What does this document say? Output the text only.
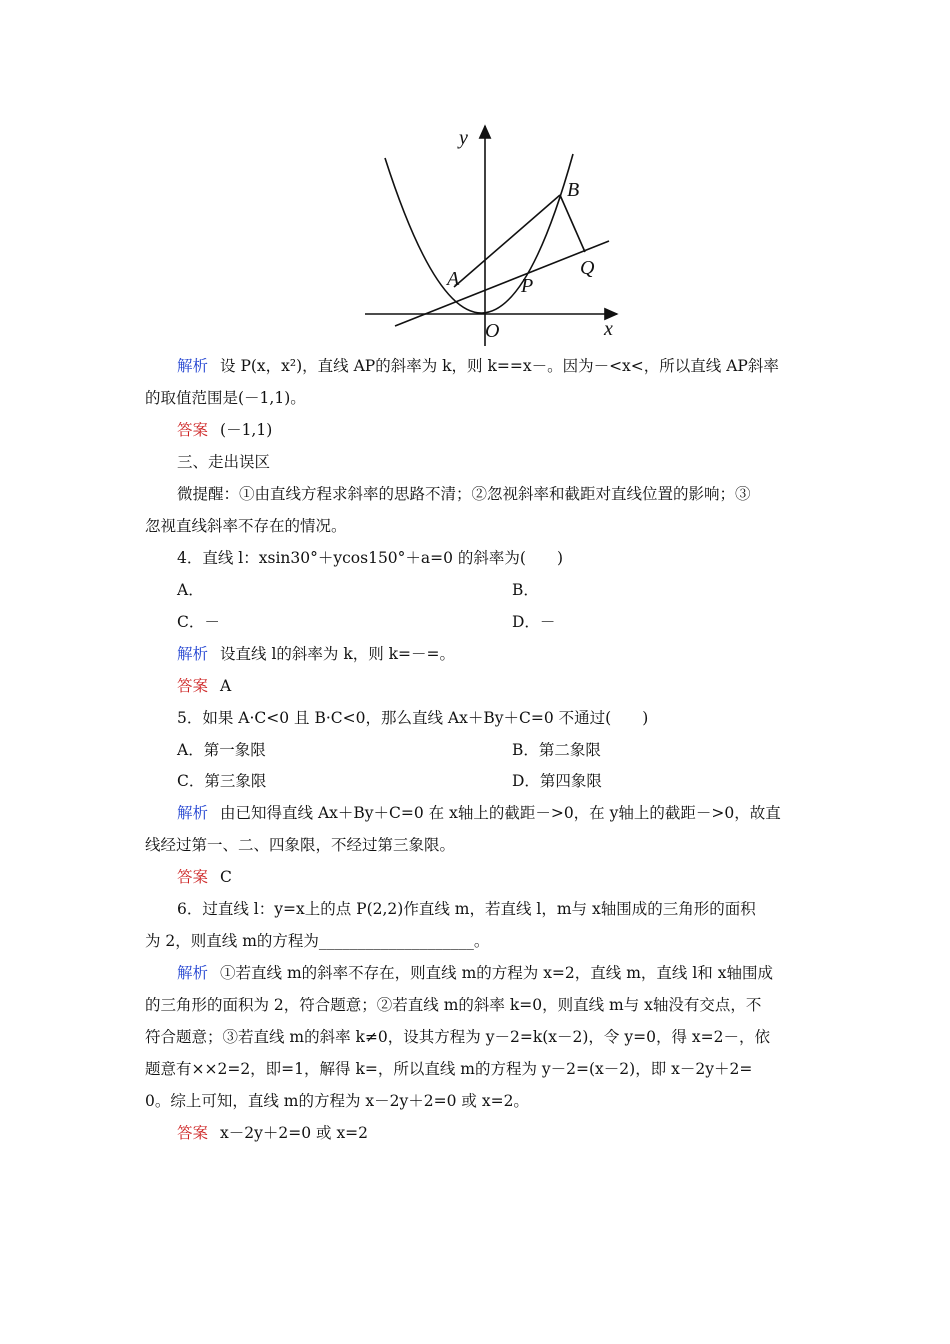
y
x
O
A
B
P
Q
解析 设 P(x，x²)，直线 AP的斜率为 k，则 k==x－。因为－<x<，所以直线 AP斜率
的取值范围是(－1,1)。
答案 (－1,1)
三、走出误区
微提醒：①由直线方程求斜率的思路不清；②忽视斜率和截距对直线位置的影响；③
忽视直线斜率不存在的情况。
4．直线 l：xsin30°＋ycos150°＋a=0 的斜率为(　　)
A．	B．
C．－	D．－
解析 设直线 l的斜率为 k，则 k=－=。
答案 A
5．如果 A·C<0 且 B·C<0，那么直线 Ax＋By＋C=0 不通过(　　)
A．第一象限	B．第二象限
C．第三象限	D．第四象限
解析 由已知得直线 Ax＋By＋C=0 在 x轴上的截距－>0，在 y轴上的截距－>0，故直
线经过第一、二、四象限，不经过第三象限。
答案 C
6．过直线 l：y=x上的点 P(2,2)作直线 m，若直线 l，m与 x轴围成的三角形的面积
为 2，则直线 m的方程为____________________。
解析 ①若直线 m的斜率不存在，则直线 m的方程为 x=2，直线 m，直线 l和 x轴围成
的三角形的面积为 2，符合题意；②若直线 m的斜率 k=0，则直线 m与 x轴没有交点，不
符合题意；③若直线 m的斜率 k≠0，设其方程为 y－2=k(x－2)，令 y=0，得 x=2－，依
题意有××2=2，即=1，解得 k=，所以直线 m的方程为 y－2=(x－2)，即 x－2y＋2=
0。综上可知，直线 m的方程为 x－2y＋2=0 或 x=2。
答案 x－2y＋2=0 或 x=2
